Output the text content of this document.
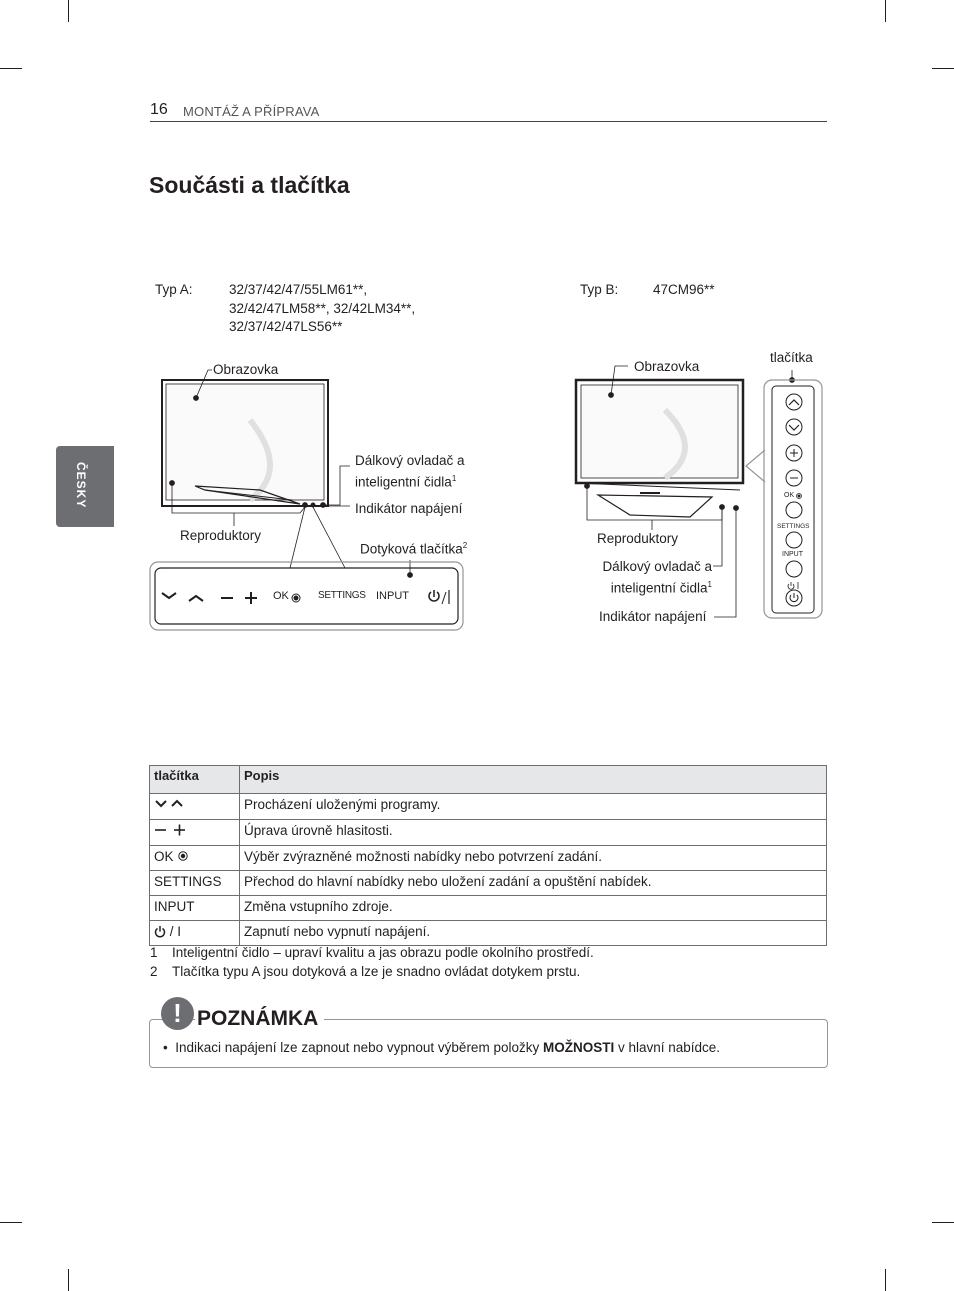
16 MONTÁŽ A PŘÍPRAVA
ČESKY
Součásti a tlačítka
Typ A:	32/37/42/47/55LM61**,
32/42/47LM58**, 32/42LM34**,
32/37/42/47LS56**
Typ B:	47CM96**
Obrazovka
Dálkový ovladač a
inteligentní čidla$^1$
Indikátor napájení
Reproduktory
Dotyková tlačítka$^2$
OK	SETTINGS INPUT
Obrazovka
tlačítka
Reproduktory
Dálkový ovladač a
inteligentní čidla$^1$
Indikátor napájení
OK
SETTINGS
INPUT
tlačítka	Popis
	Procházení uloženými programy.
	Úprava úrovně hlasitosti.
OK	Výběr zvýrazněné možnosti nabídky nebo potvrzení zadání.
SETTINGS	Přechod do hlavní nabídky nebo uložení zadání a opuštění nabídek.
INPUT	Změna vstupního zdroje.
/ I	Zapnutí nebo vypnutí napájení.
1 Inteligentní čidlo – upraví kvalitu a jas obrazu podle okolního prostředí.
2 Tlačítka typu A jsou dotyková a lze je snadno ovládat dotykem prstu.
POZNÁMKA
!
•  Indikaci napájení lze zapnout nebo vypnout výběrem položky MOŽNOSTI v hlavní nabídce.
